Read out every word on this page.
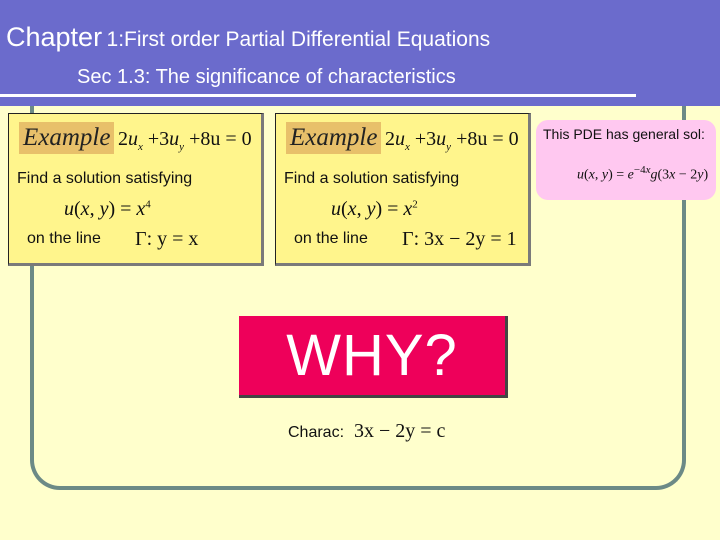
Chapter 1:First order Partial Differential Equations
Sec 1.3: The significance of characteristics
Example $2u_x +3u_y +8u = 0$
Find a solution satisfying
u(x, $y) = x^4$
on the line Γ: y = x
Example $2u_x +3u_y +8u = 0$
Find a solution satisfying
u(x, $y) = x^2$
on the line Γ: 3x − 2y = 1
This PDE has general sol:
u(x, $y) = e^{-4x}g(3x - 2y)$
WHY?
Charac: 3x − 2y = c
